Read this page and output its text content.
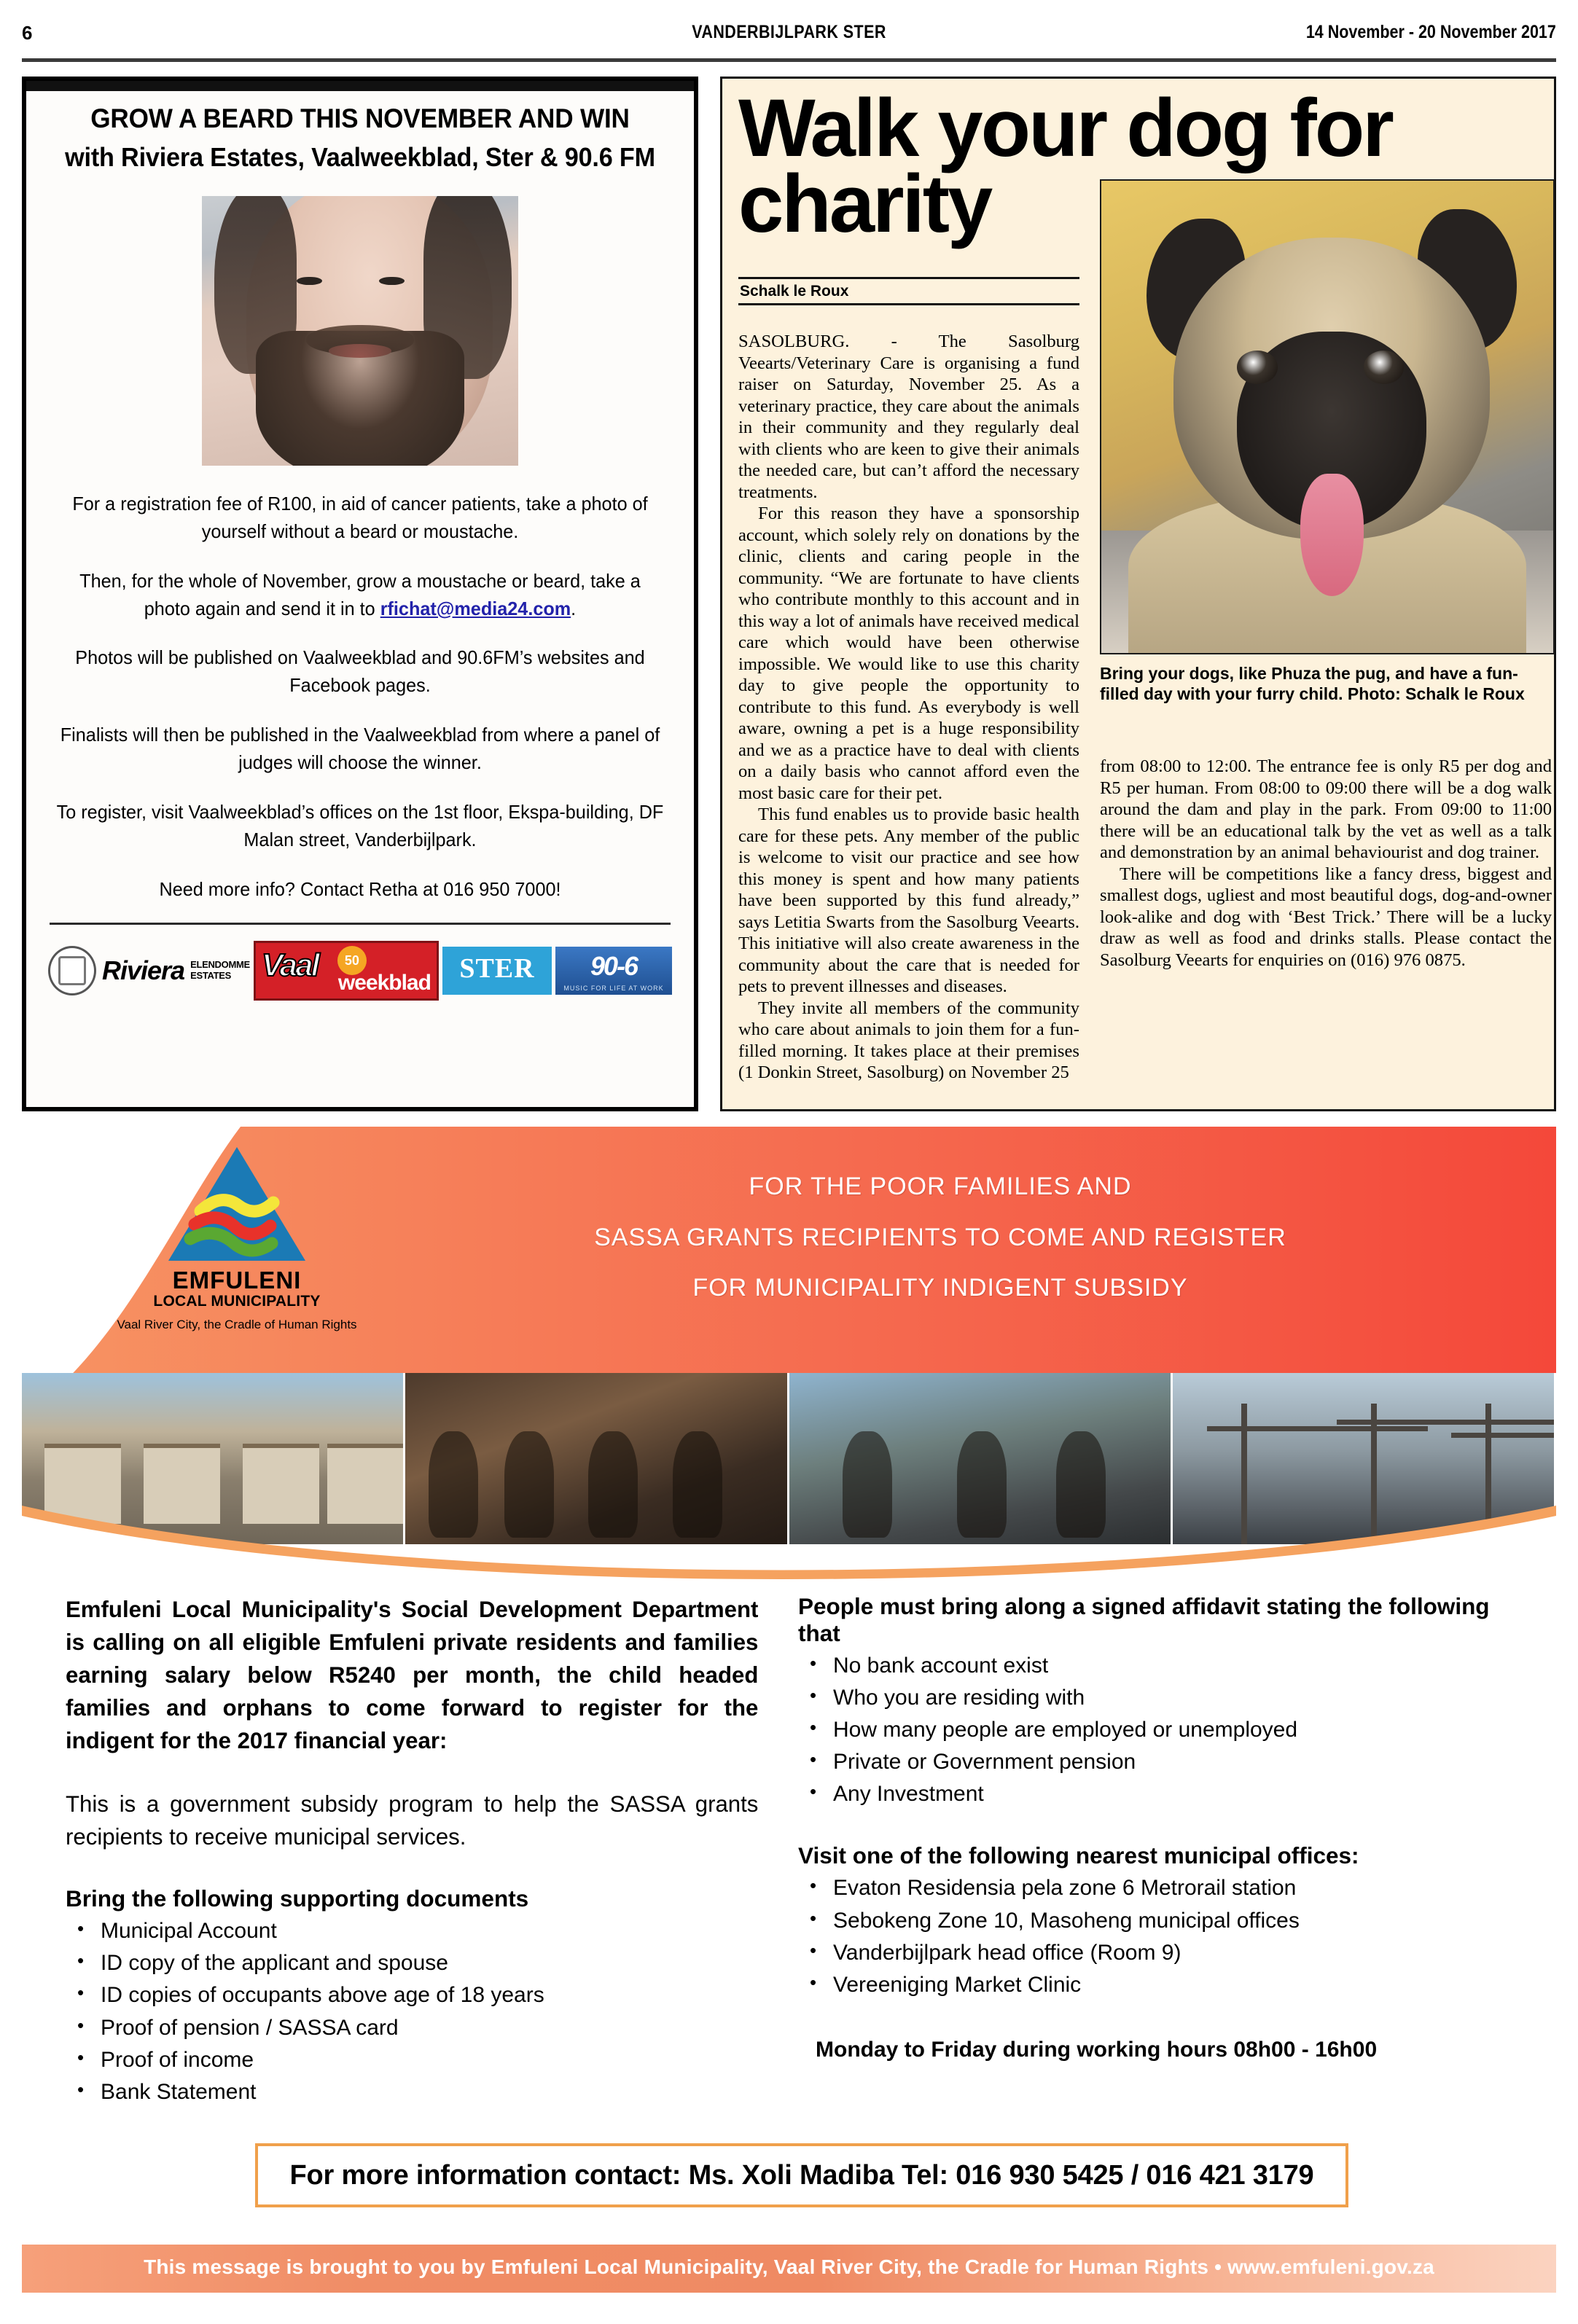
6	VANDERBIJLPARK STER	14 November - 20 November 2017
GROW A BEARD THIS NOVEMBER AND WIN
with Riviera Estates, Vaalweekblad, Ster & 90.6 FM
For a registration fee of R100, in aid of cancer patients, take a photo of yourself without a beard or moustache.
Then, for the whole of November, grow a moustache or beard, take a photo again and send it in to rfichat@media24.com.
Photos will be published on Vaalweekblad and 90.6FM’s websites and Facebook pages.
Finalists will then be published in the Vaalweekblad from where a panel of judges will choose the winner.
To register, visit Vaalweekblad’s offices on the 1st floor, Ekspa-building, DF Malan street, Vanderbijlpark.
Need more info? Contact Retha at 016 950 7000!
Riviera ELENDOMME
ESTATES Vaal	50
weekblad	STER	90-6
MUSIC FOR LIFE AT WORK
Walk your dog for charity
Schalk le Roux

SASOLBURG. - The Sasolburg Veearts/Veterinary Care is organising a fund raiser on Saturday, November 25. As a veterinary practice, they care about the animals in their community and they regularly deal with clients who are keen to give their animals the needed care, but can’t afford the necessary treatments.

For this reason they have a sponsorship account, which solely rely on donations by the clinic, clients and caring people in the community. “We are fortunate to have clients who contribute monthly to this account and in this way a lot of animals have received medical care which would have been otherwise impossible. We would like to use this charity day to give people the opportunity to contribute to this fund. As everybody is well aware, owning a pet is a huge responsibility and we as a practice have to deal with clients on a daily basis who cannot afford even the most basic care for their pet.

This fund enables us to provide basic health care for these pets. Any member of the public is welcome to visit our practice and see how this money is spent and how many patients have been supported by this fund already,” says Letitia Swarts from the Sasolburg Veearts. This initiative will also create awareness in the community about the care that is needed for pets to prevent illnesses and diseases.

They invite all members of the community who care about animals to join them for a fun-filled morning. It takes place at their premises (1 Donkin Street, Sasolburg) on November 25

Bring your dogs, like Phuza the pug, and have a fun-filled day with your furry child. Photo: Schalk le Roux

from 08:00 to 12:00. The entrance fee is only R5 per dog and R5 per human. From 08:00 to 09:00 there will be a dog walk around the dam and play in the park. From 09:00 to 11:00 there will be an educational talk by the vet as well as a talk and demonstration by an animal behaviourist and dog trainer.

There will be competitions like a fancy dress, biggest and smallest dogs, ugliest and most beautiful dogs, dog-and-owner look-alike and dog with ‘Best Trick.’ There will be a lucky draw as well as food and drinks stalls. Please contact the Sasolburg Veearts for enquiries on (016) 976 0875.

EMFULENI
LOCAL MUNICIPALITY
Vaal River City, the Cradle of Human Rights
FOR THE POOR FAMILIES AND
SASSA GRANTS RECIPIENTS TO COME AND REGISTER
FOR MUNICIPALITY INDIGENT SUBSIDY
Emfuleni Local Municipality's Social Development Department is calling on all eligible Emfuleni private residents and families earning salary below R5240 per month, the child headed families and orphans to come forward to register for the indigent for the 2017 financial year:
This is a government subsidy program to help the SASSA grants recipients to receive municipal services.
Bring the following supporting documents
• Municipal Account
• ID copy of the applicant and spouse
• ID copies of occupants above age of 18 years
• Proof of pension / SASSA card
• Proof of income
• Bank Statement
People must bring along a signed affidavit stating the following that
• No bank account exist
• Who you are residing with
• How many people are employed or unemployed
• Private or Government pension
• Any Investment
Visit one of the following nearest municipal offices:
• Evaton Residensia pela zone 6 Metrorail station
• Sebokeng Zone 10, Masoheng municipal offices
• Vanderbijlpark head office (Room 9)
• Vereeniging Market Clinic
Monday to Friday during working hours 08h00 - 16h00
For more information contact: Ms. Xoli Madiba Tel: 016 930 5425 / 016 421 3179
This message is brought to you by Emfuleni Local Municipality, Vaal River City, the Cradle for Human Rights • www.emfuleni.gov.za
